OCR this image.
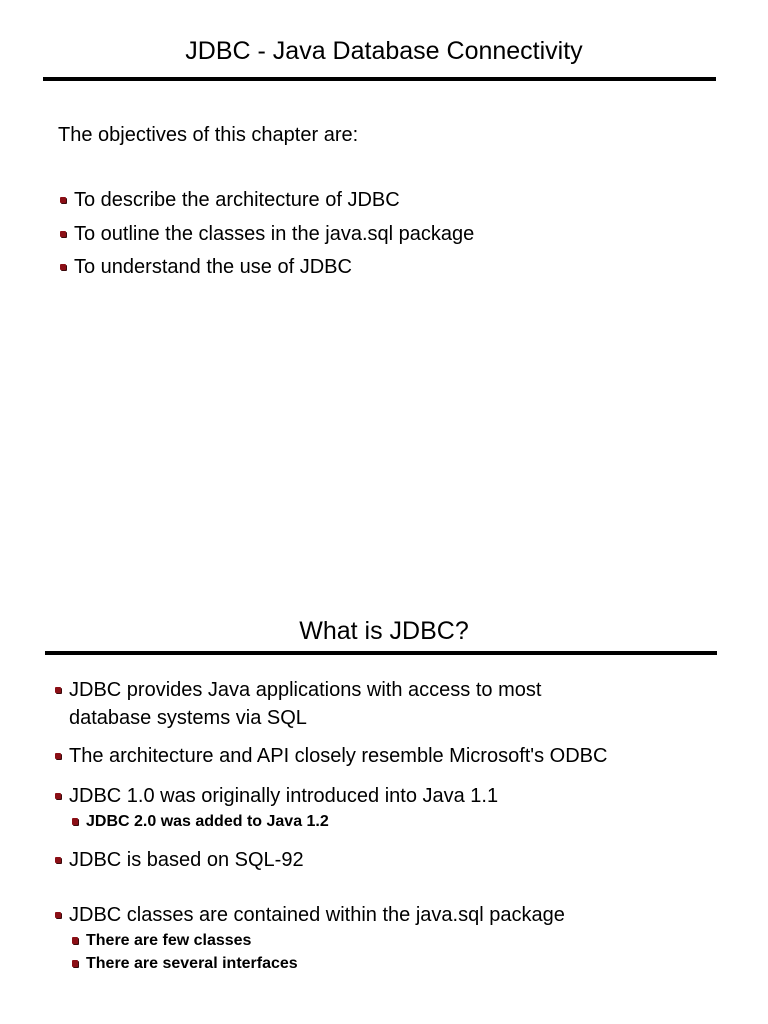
JDBC - Java Database Connectivity

The objectives of this chapter are:

To describe the architecture of JDBC
To outline the classes in the java.sql package
To understand the use of JDBC
What is JDBC?
JDBC provides Java applications with access to most
database systems via SQL
The architecture and API closely resemble Microsoft's ODBC
JDBC 1.0 was originally introduced into Java 1.1
JDBC 2.0 was added to Java 1.2
JDBC is based on SQL-92
JDBC classes are contained within the java.sql package
There are few classes
There are several interfaces
